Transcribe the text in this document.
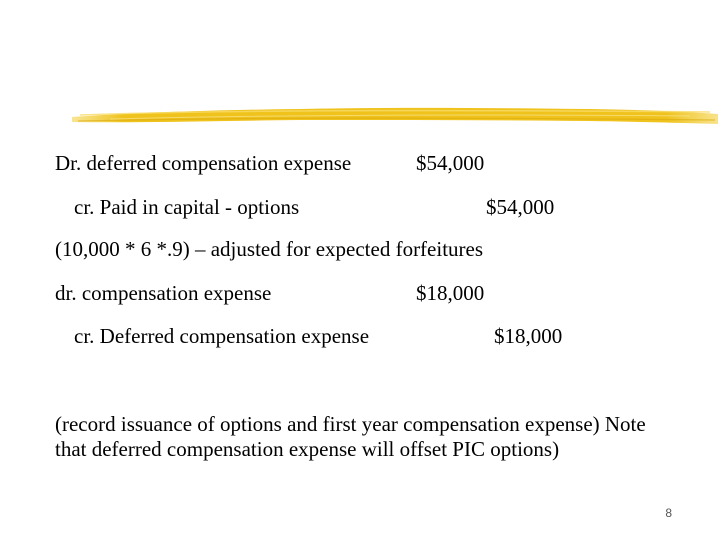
Dr. deferred compensation expense	$54,000
cr. Paid in capital - options	$54,000
(10,000 * 6 *.9) – adjusted for expected forfeitures
dr. compensation expense	$18,000
cr. Deferred compensation expense	$18,000
(record issuance of options and first year compensation expense) Note that deferred compensation expense will offset PIC options)
8
